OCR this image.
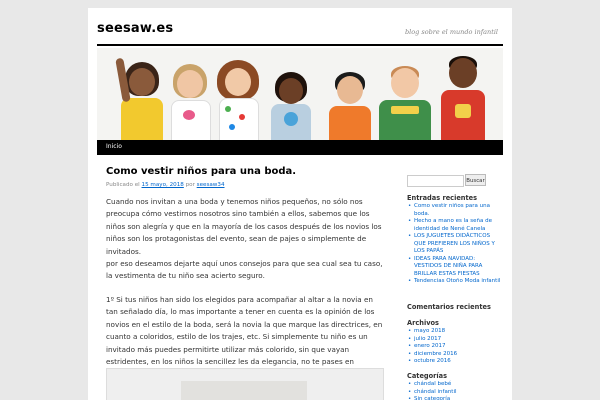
seesaw.es	blog sobre el mundo infantil
Inicio
Como vestir niños para una boda.
Publicado el 15 mayo, 2018 por seesaw34
Cuando nos invitan a una boda y tenemos niños pequeños, no sólo nos preocupa cómo vestirnos nosotros sino también a ellos, sabemos que los niños son alegría y que en la mayoría de los casos después de los novios los niños son los protagonistas del evento, sean de pajes o simplemente de invitados.
por eso deseamos dejarte aquí unos consejos para que sea cual sea tu caso, la vestimenta de tu niño sea acierto seguro.
1º Si tus niños han sido los elegidos para acompañar al altar a la novia en tan señalado día, lo mas importante a tener en cuenta es la opinión de los novios en el estilo de la boda, será la novia la que marque las directrices, en cuanto a coloridos, estilo de los trajes, etc. Si simplemente tu niño es un invitado más puedes permitirte utilizar más colorido, sin que vayan estridentes, en los niños la sencillez les da elegancia, no te pases en
Buscar
Entradas recientes
• Como vestir niños para una boda.
• Hecho a mano es la seña de identidad de Nené Canela
• LOS JUGUETES DIDÁCTICOS QUE PREFIEREN LOS NIÑOS Y LOS PAPÁS
• IDEAS PARA NAVIDAD: VESTIDOS DE NIÑA PARA BRILLAR ESTAS FIESTAS
• Tendencias Otoño Moda infantil
Comentarios recientes
Archivos
• mayo 2018
• julio 2017
• enero 2017
• diciembre 2016
• octubre 2016
Categorías
• chándal bebé
• chándal infantil
• Sin categoría
